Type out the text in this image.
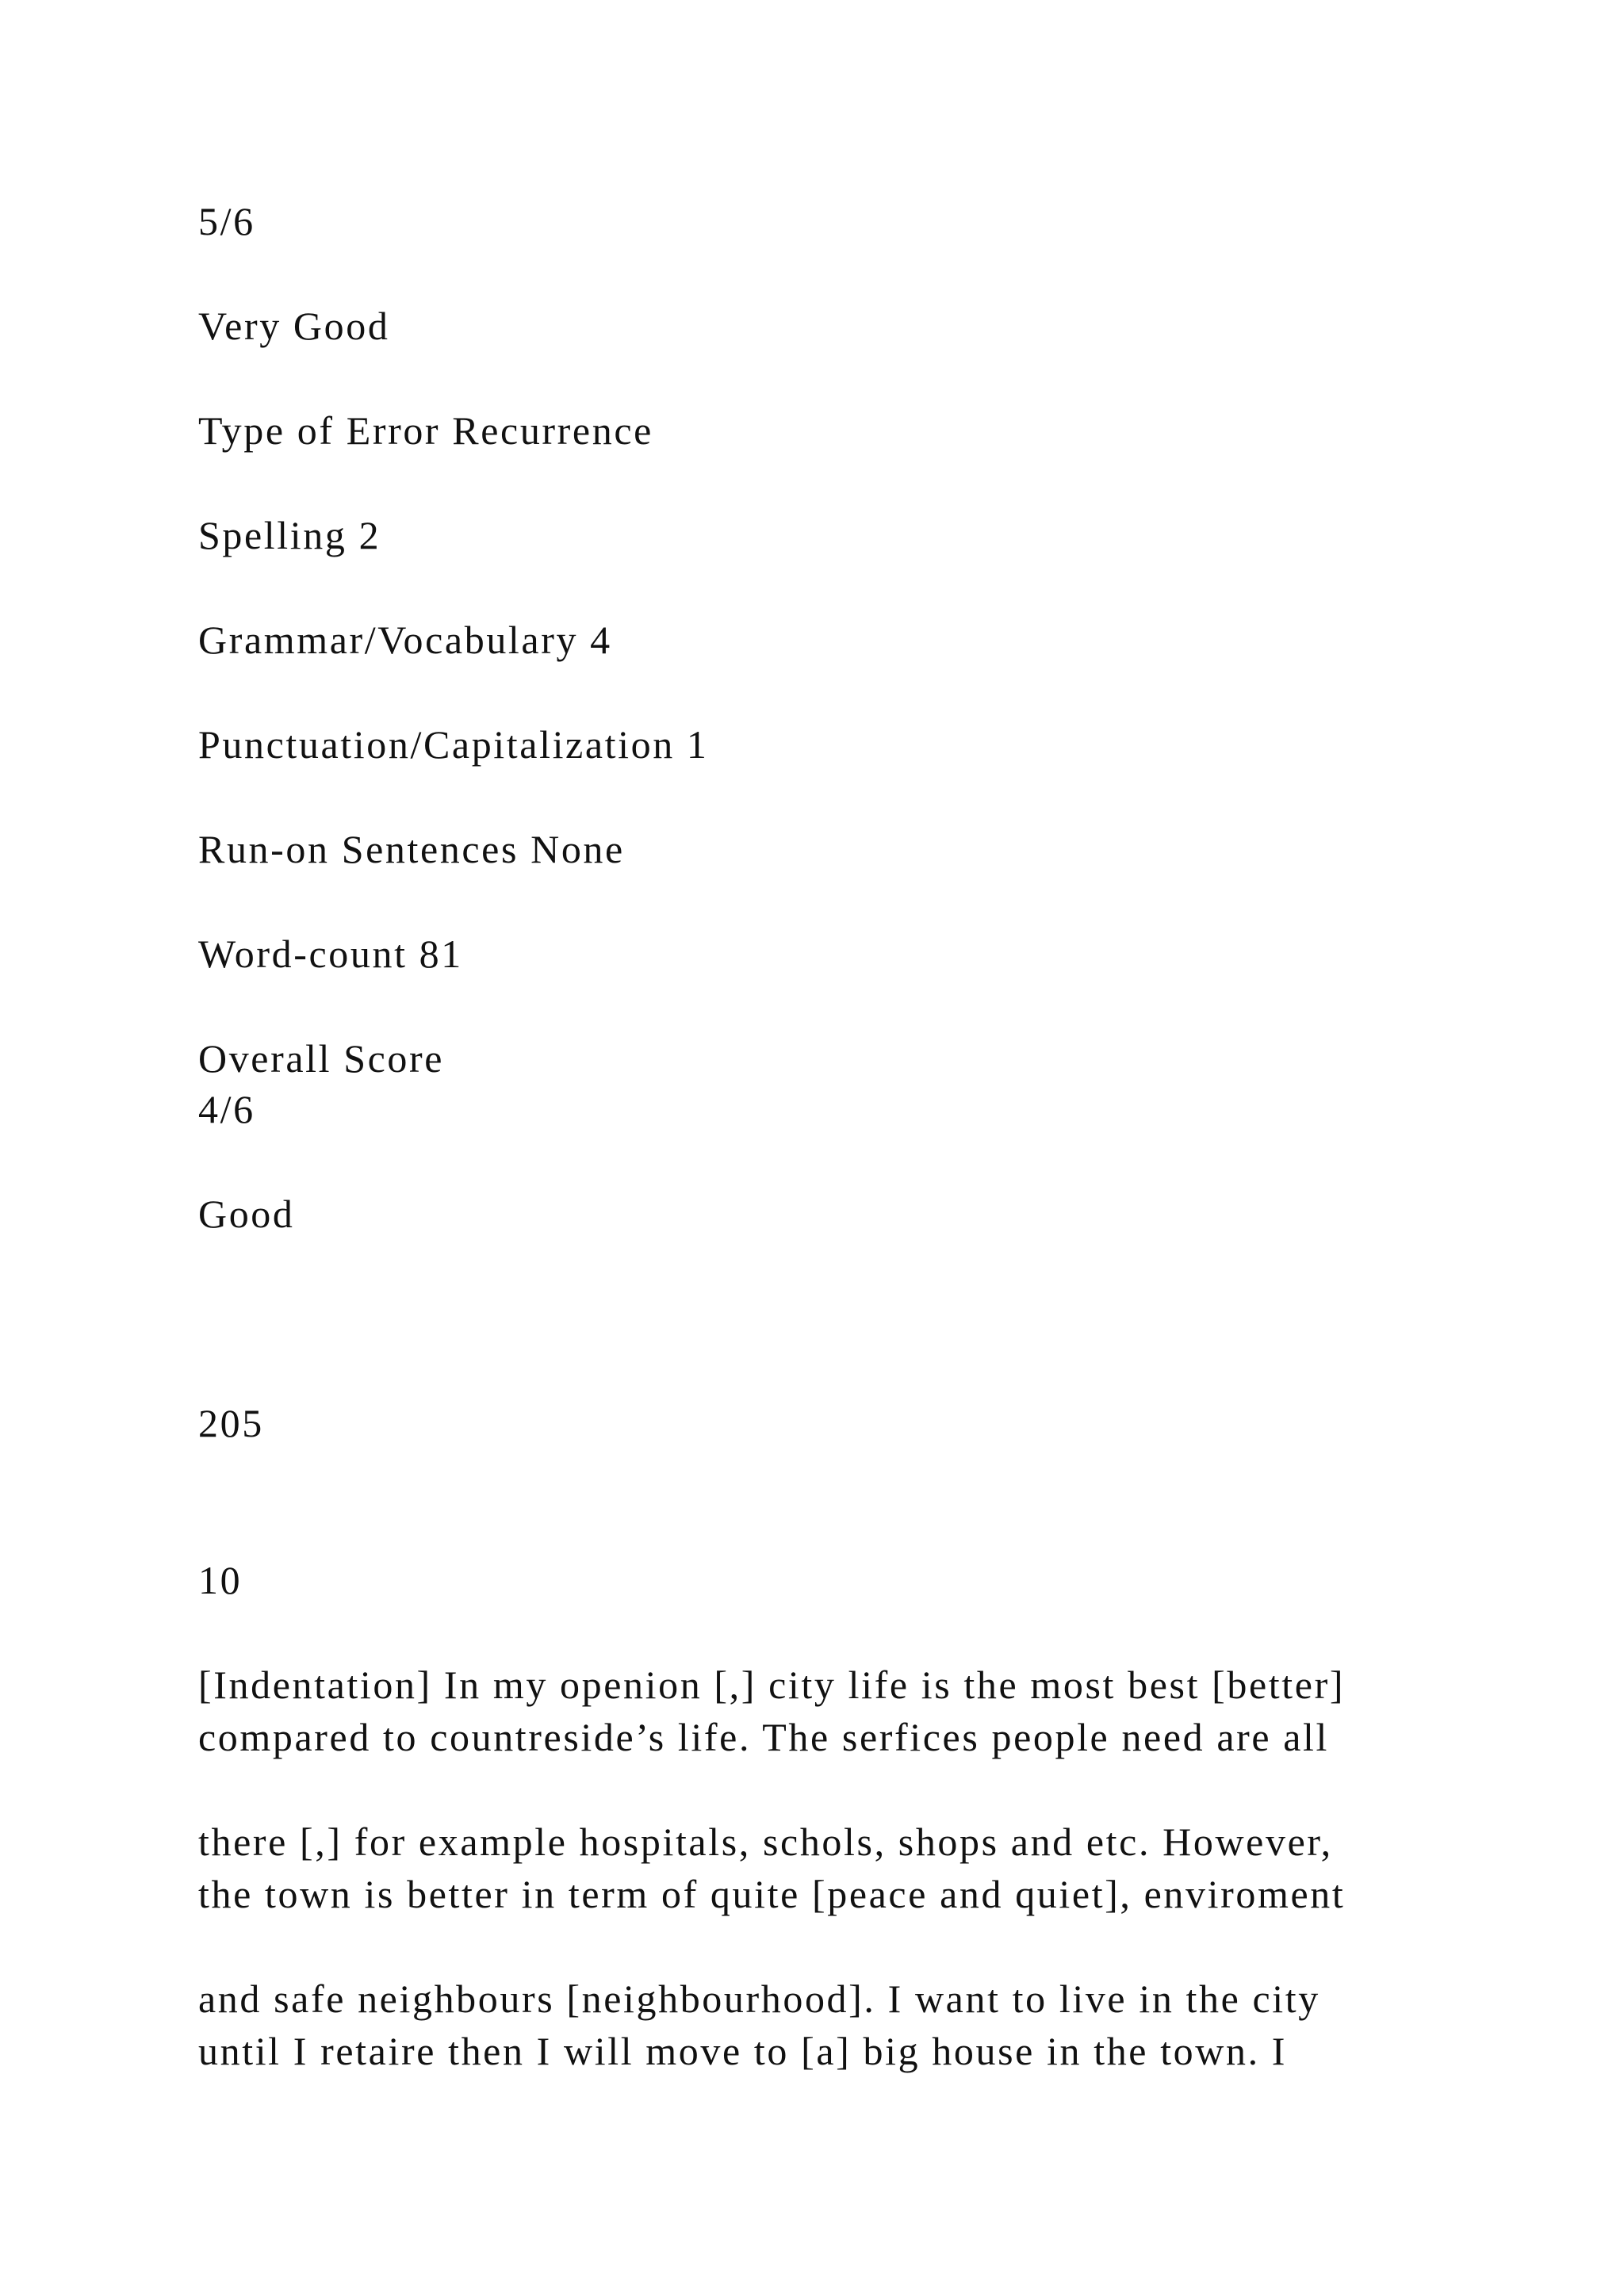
5/6
Very Good
Type of Error Recurrence
Spelling 2
Grammar/Vocabulary 4
Punctuation/Capitalization 1
Run-on Sentences None
Word-count 81
Overall Score
4/6
Good
205
10
[Indentation] In my openion [,] city life is the most best [better]
compared to countreside’s life. The serfices people need are all
there [,] for example hospitals, schols, shops and etc. However,
the town is better in term of quite [peace and quiet], enviroment
and safe neighbours [neighbourhood]. I want to live in the city
until I retaire then I will move to [a] big house in the town. I
